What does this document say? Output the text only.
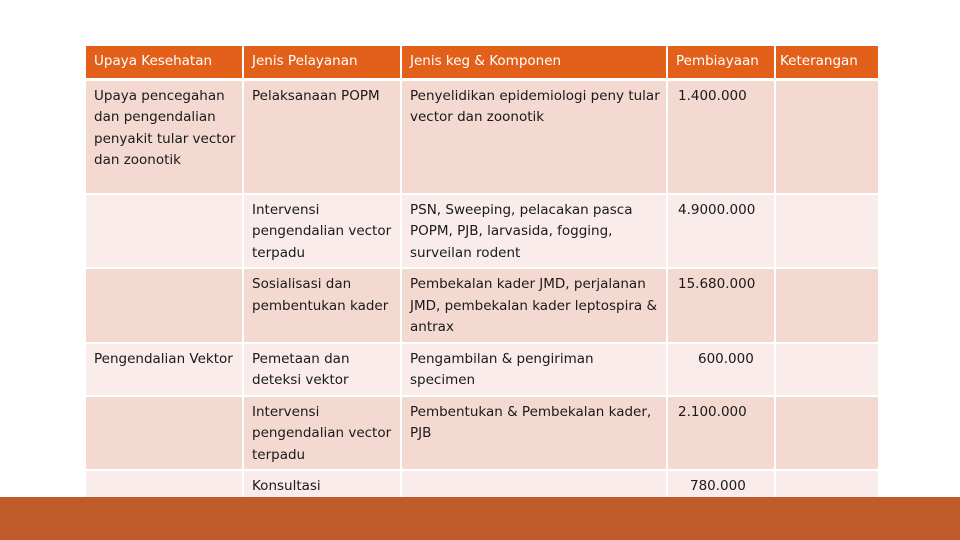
Upaya Kesehatan	Jenis Pelayanan	Jenis keg & Komponen	Pembiayaan	Keterangan
Upaya pencegahan dan pengendalian penyakit tular vector dan zoonotik	Pelaksanaan POPM	Penyelidikan epidemiologi peny tular vector dan zoonotik	1.400.000	
	Intervensi pengendalian vector terpadu	PSN, Sweeping, pelacakan pasca POPM, PJB, larvasida, fogging, surveilan rodent	4.9000.000	
	Sosialisasi dan pembentukan kader	Pembekalan kader JMD, perjalanan JMD, pembekalan kader leptospira & antrax	15.680.000	
Pengendalian Vektor	Pemetaan dan deteksi vektor	Pengambilan & pengiriman specimen	600.000	
	Intervensi pengendalian vector terpadu	Pembentukan & Pembekalan kader, PJB	2.100.000	
	Konsultasi		780.000	
